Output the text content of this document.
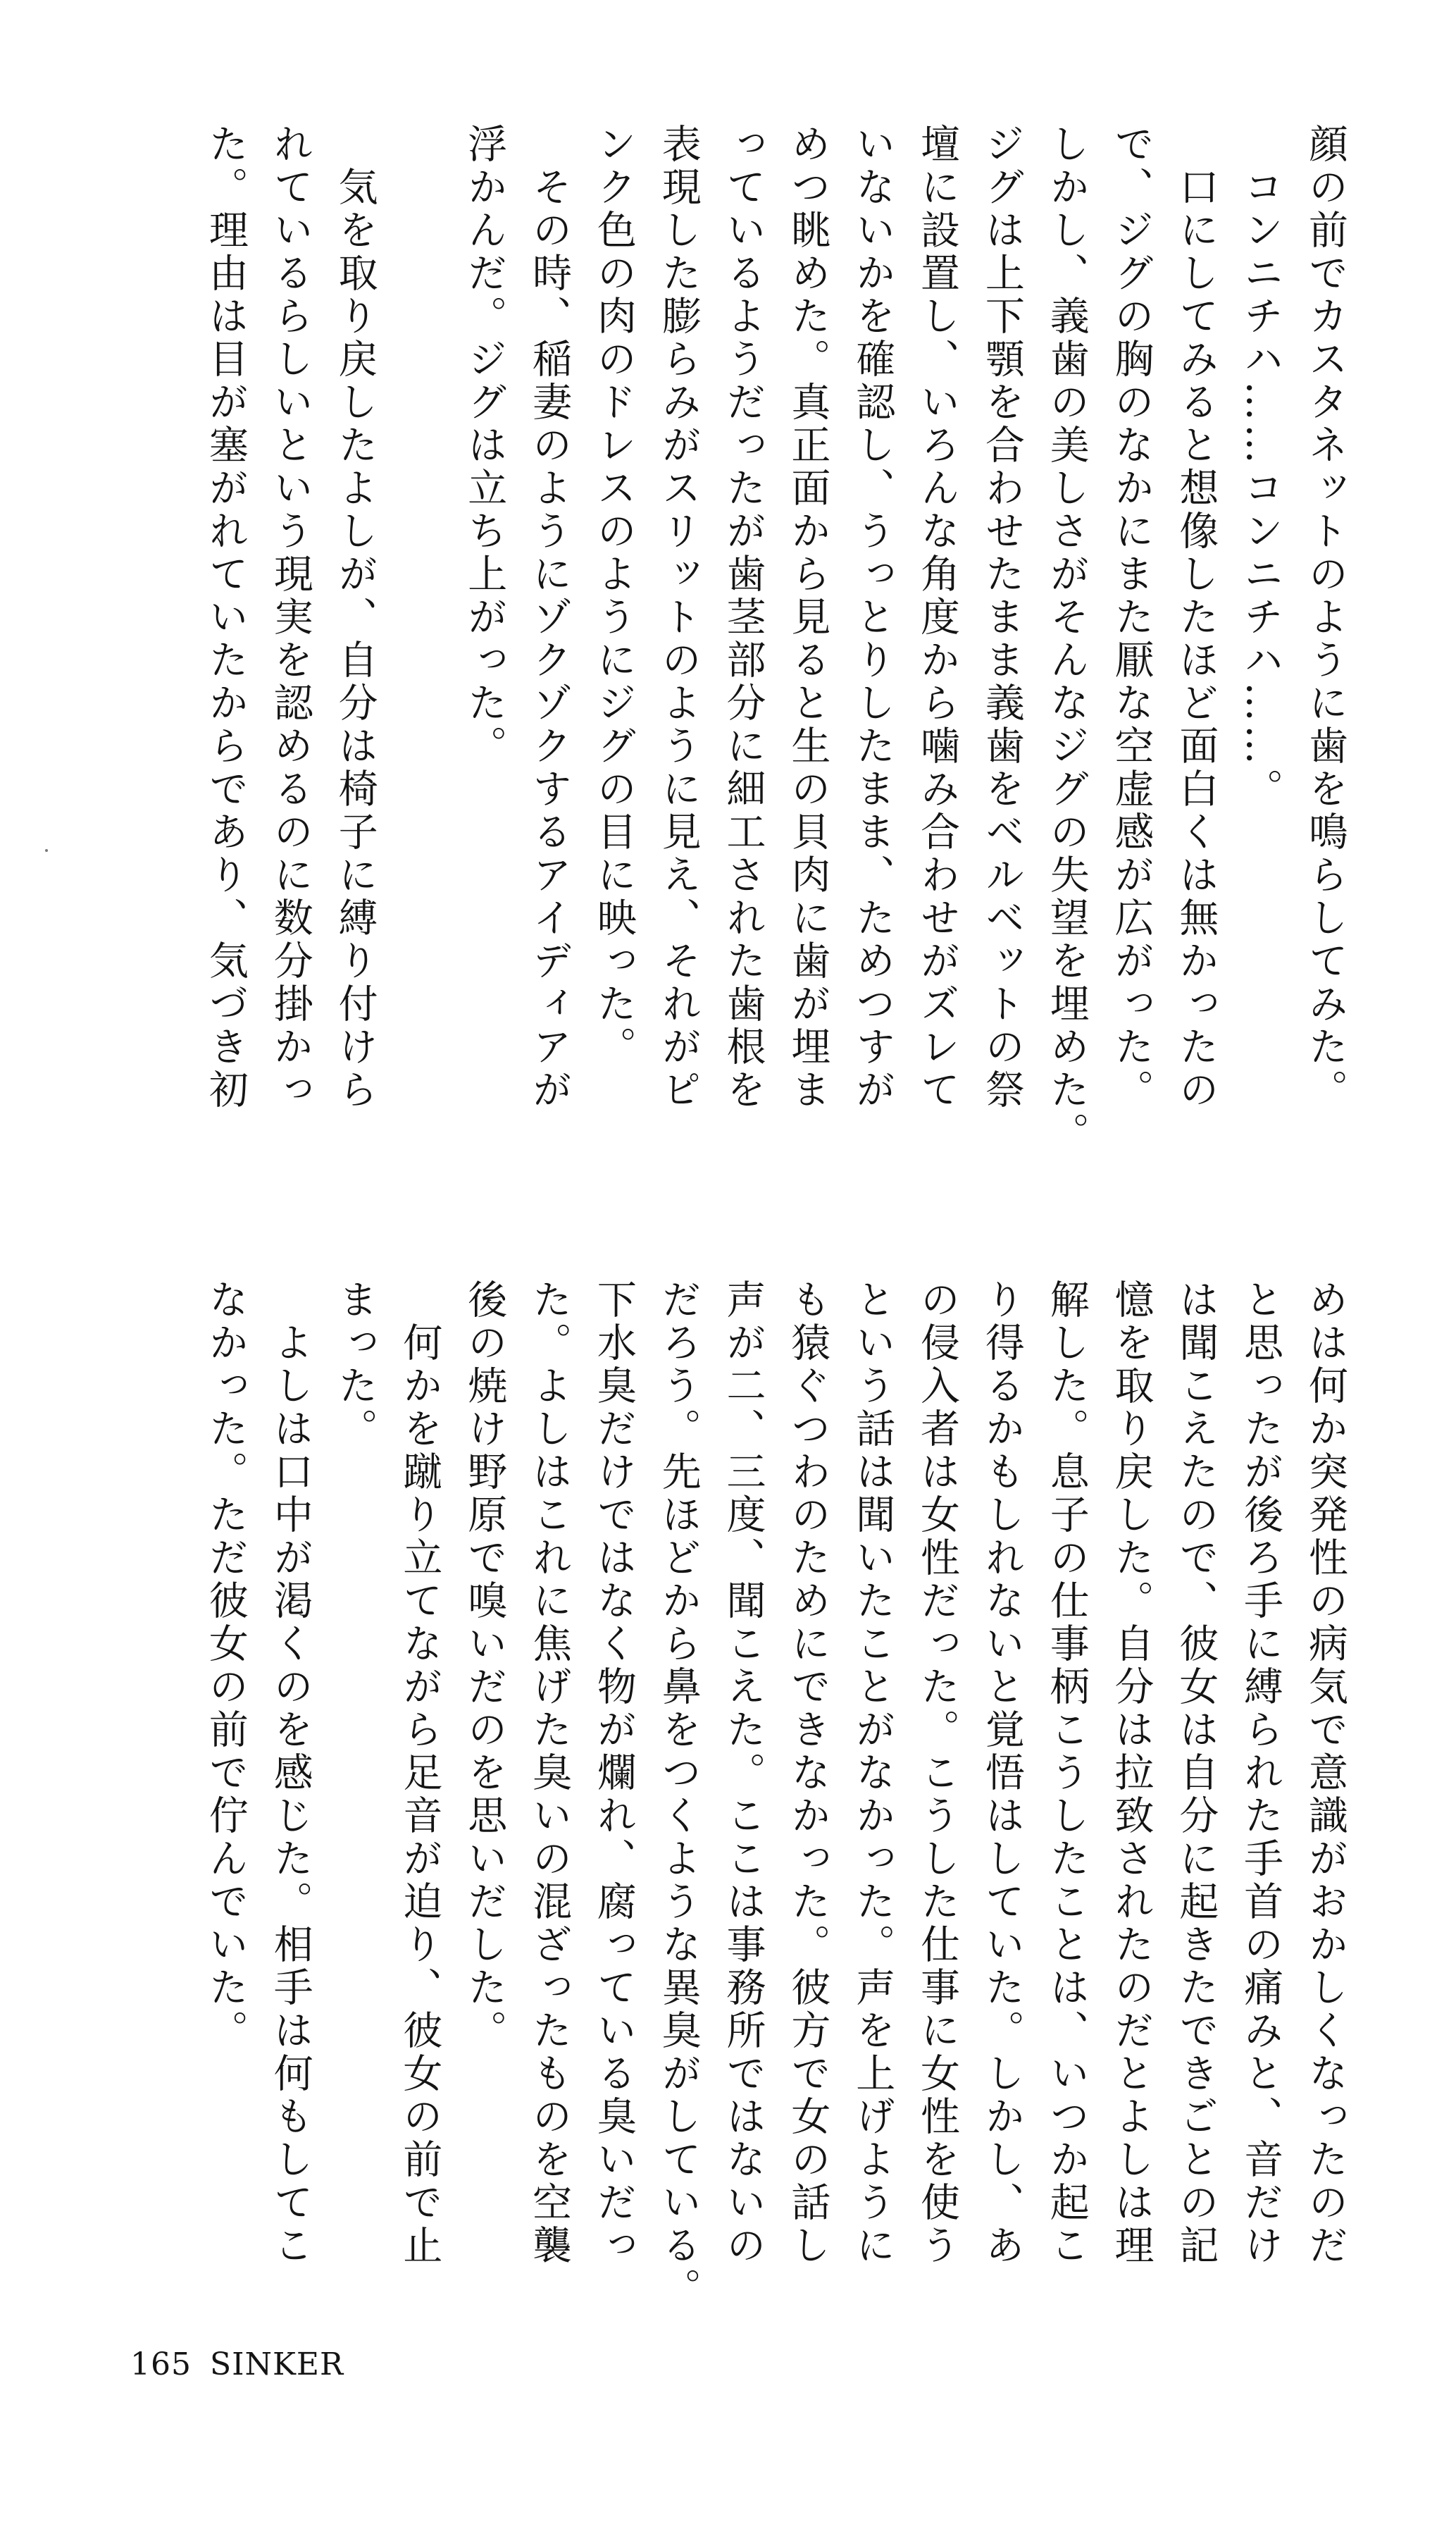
顔の前でカスタネットのように歯を鳴らしてみた。

　コンニチハ……コンニチハ……。

　口にしてみると想像したほど面白くは無かったの

で、ジグの胸のなかにまた厭な空虚感が広がった。

しかし、義歯の美しさがそんなジグの失望を埋めた。

ジグは上下顎を合わせたまま義歯をベルベットの祭

壇に設置し、いろんな角度から噛み合わせがズレて

いないかを確認し、うっとりしたまま、ためつすが

めつ眺めた。真正面から見ると生の貝肉に歯が埋ま

っているようだったが歯茎部分に細工された歯根を

表現した膨らみがスリットのように見え、それがピ

ンク色の肉のドレスのようにジグの目に映った。

　その時、稲妻のようにゾクゾクするアイディアが

浮かんだ。ジグは立ち上がった。

　気を取り戻したよしが、自分は椅子に縛り付けら

れているらしいという現実を認めるのに数分掛かっ

た。理由は目が塞がれていたからであり、気づき初

めは何か突発性の病気で意識がおかしくなったのだ

と思ったが後ろ手に縛られた手首の痛みと、音だけ

は聞こえたので、彼女は自分に起きたできごとの記

憶を取り戻した。自分は拉致されたのだとよしは理

解した。息子の仕事柄こうしたことは、いつか起こ

り得るかもしれないと覚悟はしていた。しかし、あ

の侵入者は女性だった。こうした仕事に女性を使う

という話は聞いたことがなかった。声を上げように

も猿ぐつわのためにできなかった。彼方で女の話し

声が二、三度、聞こえた。ここは事務所ではないの

だろう。先ほどから鼻をつくような異臭がしている。

下水臭だけではなく物が爛れ、腐っている臭いだっ

た。よしはこれに焦げた臭いの混ざったものを空襲

後の焼け野原で嗅いだのを思いだした。

　何かを蹴り立てながら足音が迫り、彼女の前で止

まった。

　よしは口中が渇くのを感じた。相手は何もしてこ

なかった。ただ彼女の前で佇んでいた。

165 SINKER
